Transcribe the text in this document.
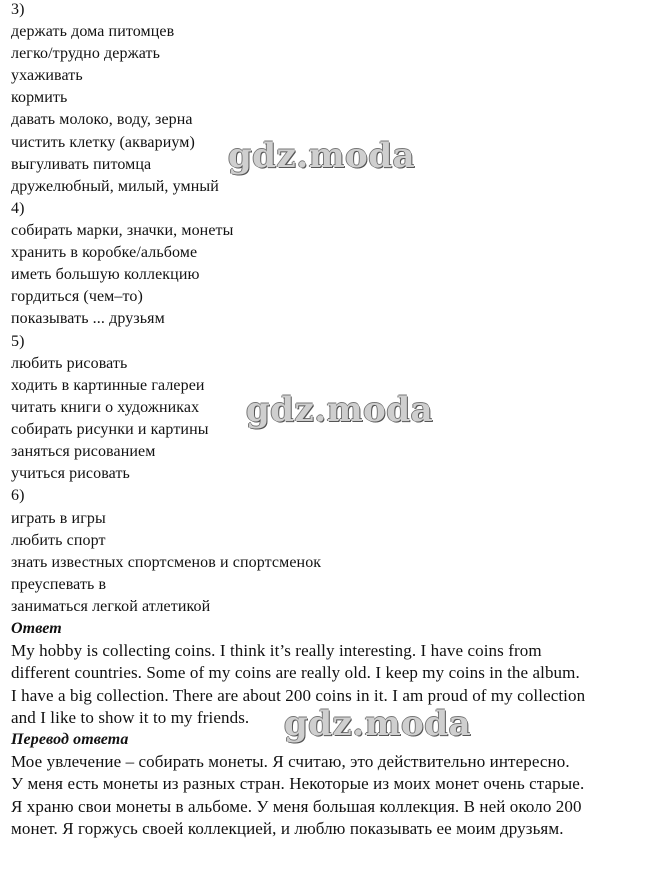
3)
держать дома питомцев
легко/трудно держать
ухаживать
кормить
давать молоко, воду, зерна
чистить клетку (аквариум)
выгуливать питомца
дружелюбный, милый, умный
4)
собирать марки, значки, монеты
хранить в коробке/альбоме
иметь большую коллекцию
гордиться (чем–то)
показывать ... друзьям
5)
любить рисовать
ходить в картинные галереи
читать книги о художниках
собирать рисунки и картины
заняться рисованием
учиться рисовать
6)
играть в игры
любить спорт
знать известных спортсменов и спортсменок
преуспевать в
заниматься легкой атлетикой
Ответ
My hobby is collecting coins. I think it’s really interesting. I have coins from
different countries. Some of my coins are really old. I keep my coins in the album.
I have a big collection. There are about 200 coins in it. I am proud of my collection
and I like to show it to my friends.
Перевод ответа
Мое увлечение – собирать монеты. Я считаю, это действительно интересно.
У меня есть монеты из разных стран. Некоторые из моих монет очень старые.
Я храню свои монеты в альбоме. У меня большая коллекция. В ней около 200
монет. Я горжусь своей коллекцией, и люблю показывать ее моим друзьям.
gdz.moda
gdz.moda
gdz.moda
